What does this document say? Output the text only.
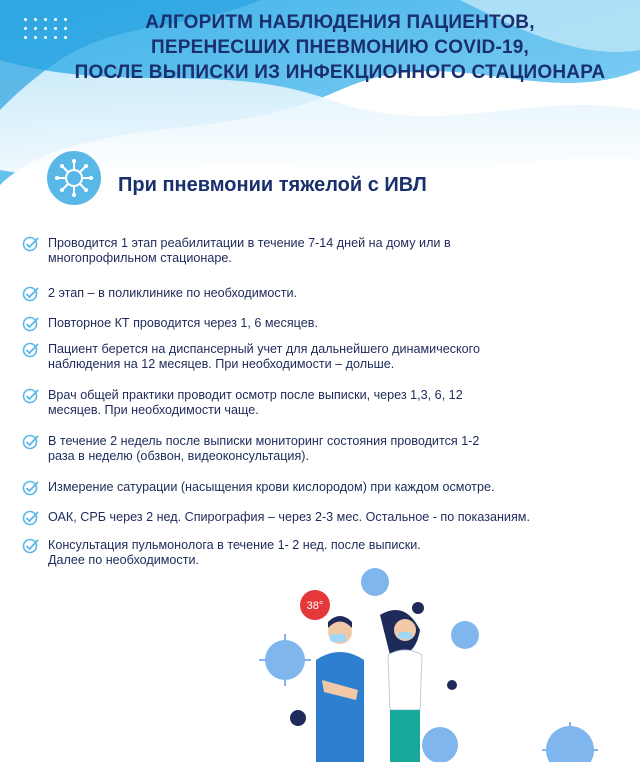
АЛГОРИТМ НАБЛЮДЕНИЯ ПАЦИЕНТОВ,
ПЕРЕНЕСШИХ ПНЕВМОНИЮ COVID-19,
ПОСЛЕ ВЫПИСКИ ИЗ ИНФЕКЦИОННОГО СТАЦИОНАРА
При пневмонии тяжелой с ИВЛ
Проводится 1 этап реабилитации в течение 7-14 дней на дому или в
многопрофильном стационаре.
2 этап – в поликлинике по необходимости.
Повторное КТ проводится через 1, 6 месяцев.
Пациент берется на диспансерный учет для дальнейшего динамического
наблюдения на 12 месяцев. При необходимости – дольше.
Врач общей практики проводит осмотр после выписки, через 1,3, 6, 12
месяцев. При необходимости чаще.
В течение 2 недель после выписки мониторинг состояния проводится 1-2
раза в неделю (обзвон, видеоконсультация).
Измерение сатурации (насыщения крови кислородом) при каждом осмотре.
ОАК, СРБ через 2 нед. Спирография – через 2-3 мес. Остальное - по показаниям.
Консультация пульмонолога в течение 1- 2 нед. после выписки.
Далее по необходимости.
38°
